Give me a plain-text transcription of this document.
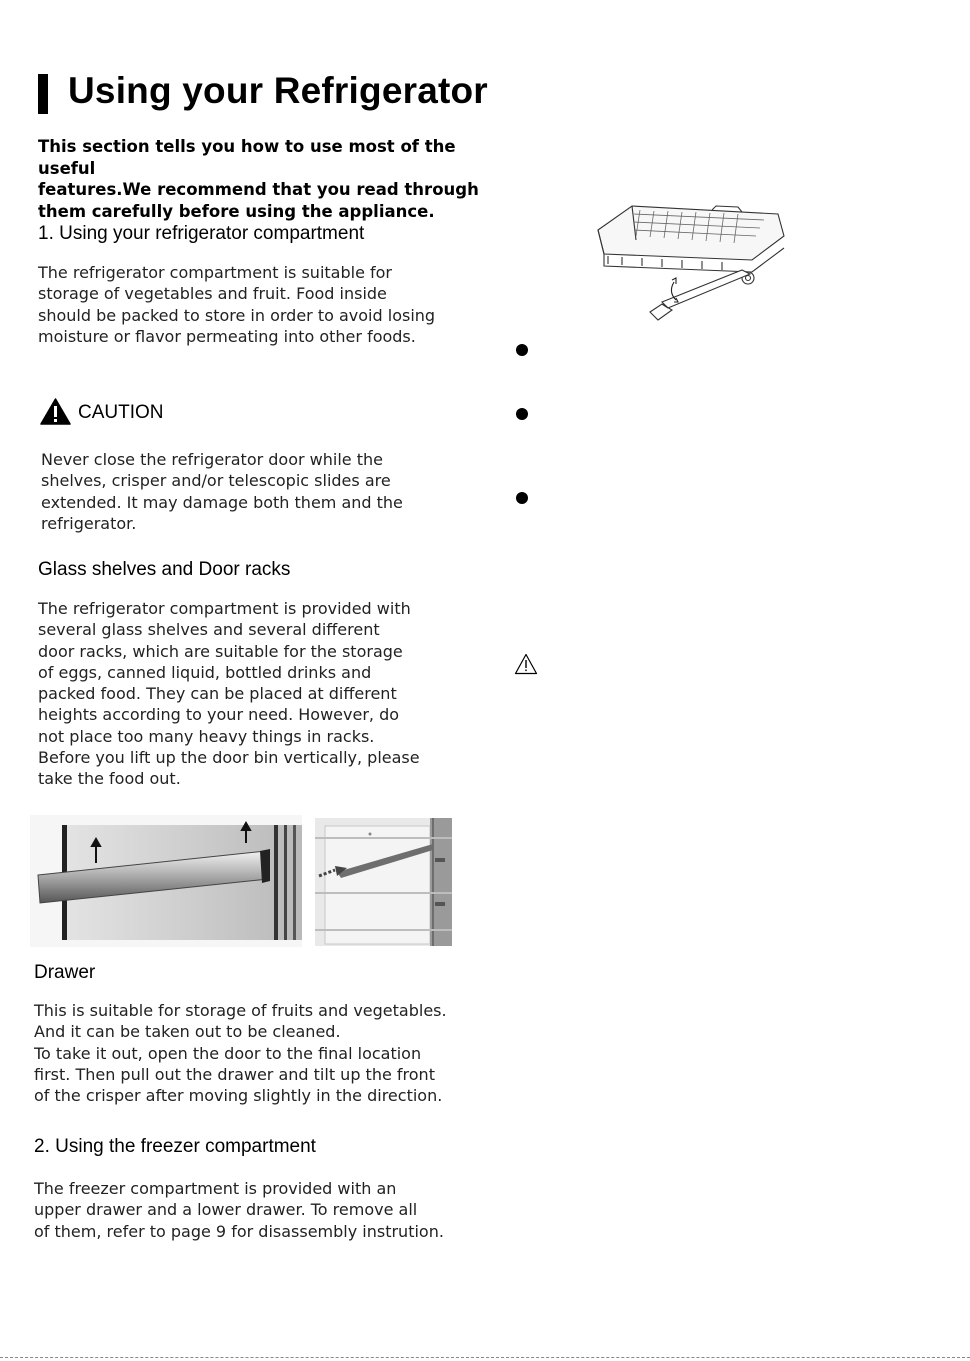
Using your Refrigerator
This section tells you how to use most of the useful
features.We recommend that you read through
them carefully before using the appliance.
1. Using your refrigerator compartment
The refrigerator compartment is suitable for
storage of vegetables and fruit. Food inside
should be packed to store in order to avoid losing
moisture or flavor permeating into other foods.
CAUTION
Never close the refrigerator door while the
shelves, crisper and/or telescopic slides are
extended. It may damage both them and the
refrigerator.
Glass shelves and Door racks
The refrigerator compartment is provided with
several glass shelves and several different
door racks, which are suitable for the storage
of eggs, canned liquid, bottled drinks and
packed food. They can be placed at different
heights according to your need. However, do
not place too many heavy things in racks.
Before you lift up the door bin vertically, please
take the food out.
Drawer
This is suitable for storage of fruits and vegetables.
And it can be taken out to be cleaned.
To take it out, open the door to the final location
first. Then pull out the drawer and tilt up the front
of the crisper after moving slightly in the direction.
2. Using the freezer compartment
The freezer compartment is provided with an
upper drawer and a lower drawer. To remove all
of them, refer to page 9 for disassembly instrution.
